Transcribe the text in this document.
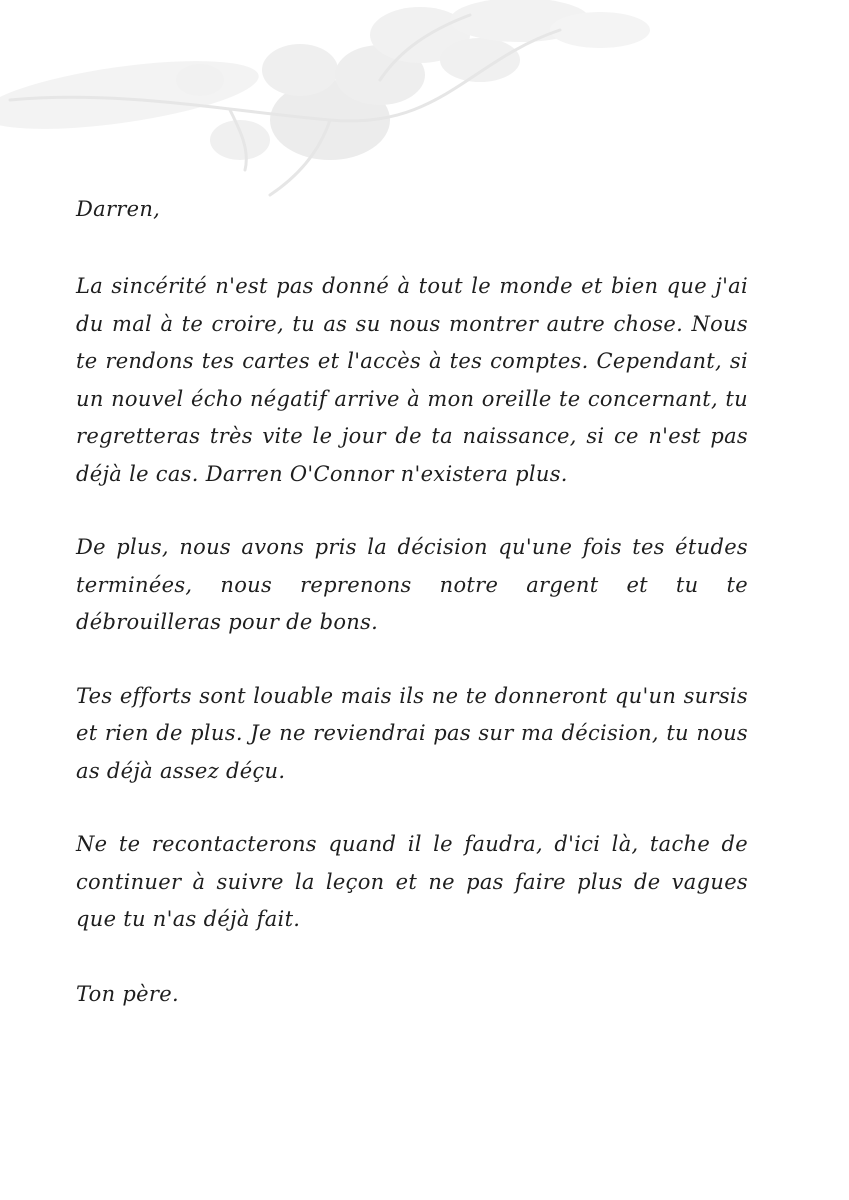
Darren,

La sincérité n'est pas donné à tout le monde et bien que j'ai du mal à te croire, tu as su nous montrer autre chose. Nous te rendons tes cartes et l'accès à tes comptes. Cependant, si un nouvel écho négatif arrive à mon oreille te concernant, tu regretteras très vite le jour de ta naissance, si ce n'est pas déjà le cas. Darren O'Connor n'existera plus.

De plus, nous avons pris la décision qu'une fois tes études terminées, nous reprenons notre argent et tu te débrouilleras pour de bons.

Tes efforts sont louable mais ils ne te donneront qu'un sursis et rien de plus. Je ne reviendrai pas sur ma décision, tu nous as déjà assez déçu.

Ne te recontacterons quand il le faudra, d'ici là, tache de continuer à suivre la leçon et ne pas faire plus de vagues que tu n'as déjà fait.

Ton père.
